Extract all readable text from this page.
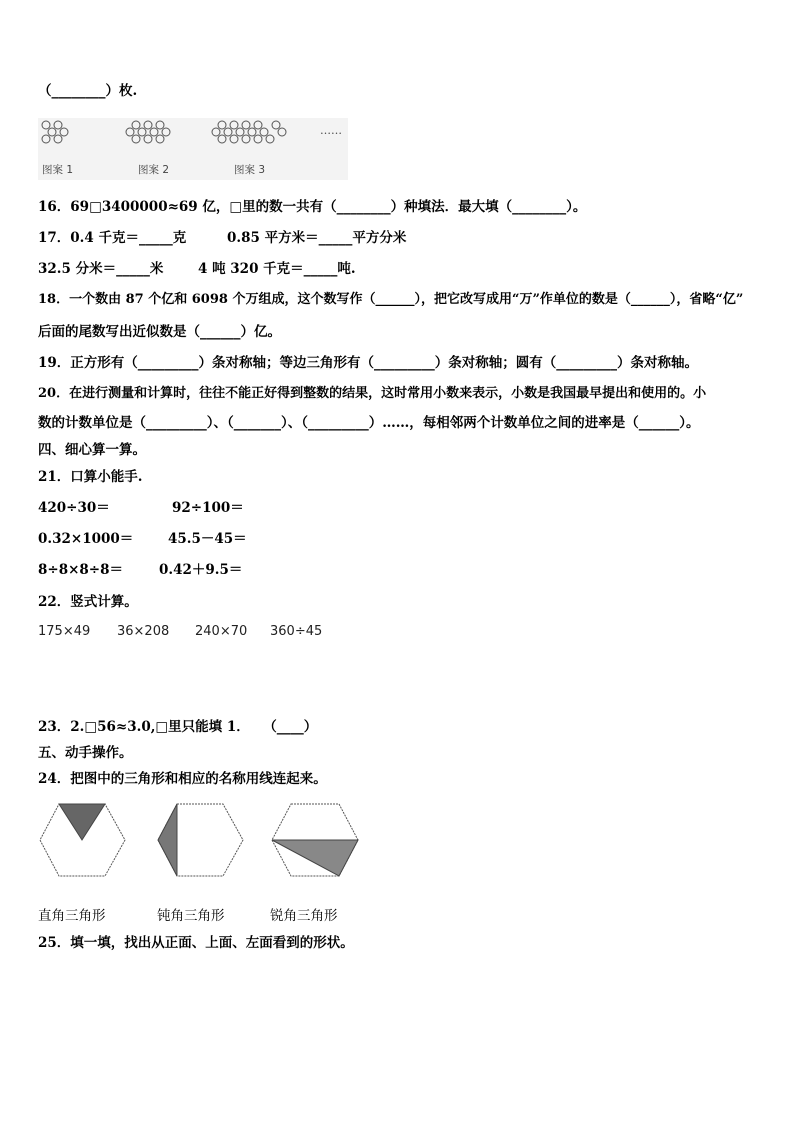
（________）枚.
……
图案 1	图案 2	图案 3
16．69□3400000≈69 亿，□里的数一共有（________）种填法．最大填（________）。
17．0.4 千克＝_____克	0.85 平方米＝_____平方分米
32.5 分米＝_____米	4 吨 320 千克＝_____吨.
18．一个数由 87 个亿和 6098 个万组成，这个数写作（______），把它改写成用“万”作单位的数是（______），省略“亿”
后面的尾数写出近似数是（______）亿。
19．正方形有（_________）条对称轴；等边三角形有（_________）条对称轴；圆有（_________）条对称轴。
20．在进行测量和计算时，往往不能正好得到整数的结果，这时常用小数来表示，小数是我国最早提出和使用的。小
数的计数单位是（_________）、（_______）、（_________）……，每相邻两个计数单位之间的进率是（______）。
四、细心算一算。
21．口算小能手.
420÷30＝	92÷100＝
0.32×1000＝	45.5－45＝
8÷8×8÷8＝	0.42＋9.5＝
22．竖式计算。
175×49 36×208 240×70 360÷45
23．2.□56≈3.0,□里只能填 1．　　（____）
五、动手操作。
24．把图中的三角形和相应的名称用线连起来。
直角三角形	钝角三角形	锐角三角形
25．填一填，找出从正面、上面、左面看到的形状。
